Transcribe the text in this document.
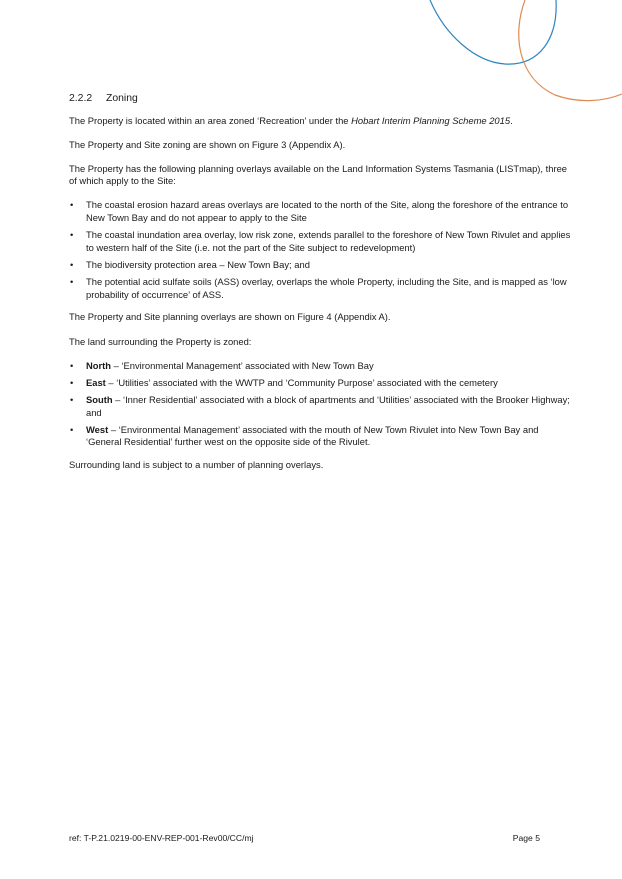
2.2.2 Zoning

The Property is located within an area zoned ‘Recreation’ under the Hobart Interim Planning Scheme 2015.

The Property and Site zoning are shown on Figure 3 (Appendix A).

The Property has the following planning overlays available on the Land Information Systems Tasmania (LISTmap), three of which apply to the Site:

• The coastal erosion hazard areas overlays are located to the north of the Site, along the foreshore of the entrance to New Town Bay and do not appear to apply to the Site
• The coastal inundation area overlay, low risk zone, extends parallel to the foreshore of New Town Rivulet and applies to western half of the Site (i.e. not the part of the Site subject to redevelopment)
• The biodiversity protection area – New Town Bay; and
• The potential acid sulfate soils (ASS) overlay, overlaps the whole Property, including the Site, and is mapped as ‘low probability of occurrence’ of ASS.

The Property and Site planning overlays are shown on Figure 4 (Appendix A).

The land surrounding the Property is zoned:

• North – ‘Environmental Management’ associated with New Town Bay
• East – ‘Utilities’ associated with the WWTP and ‘Community Purpose’ associated with the cemetery
• South – ‘Inner Residential’ associated with a block of apartments and ‘Utilities’ associated with the Brooker Highway; and
• West – ‘Environmental Management’ associated with the mouth of New Town Rivulet into New Town Bay and ‘General Residential’ further west on the opposite side of the Rivulet.

Surrounding land is subject to a number of planning overlays.

ref: T-P.21.0219-00-ENV-REP-001-Rev00/CC/mj	Page 5
